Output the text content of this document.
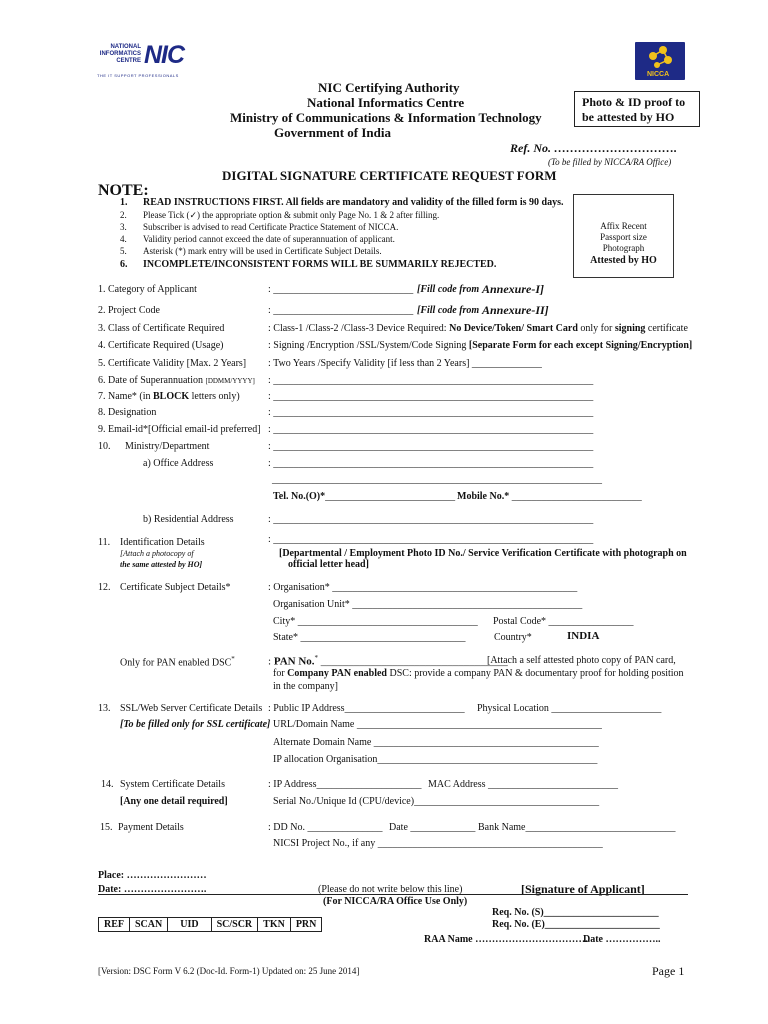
NATIONAL
INFORMATICS
CENTRE NIC
THE IT SUPPORT PROFESSIONALS	NICCA
NIC Certifying Authority
National Informatics Centre
Ministry of Communications & Information Technology
Government of India
Photo & ID proof to
be attested by HO
Ref. No. ………………………….
(To be filled by NICCA/RA Office)
DIGITAL SIGNATURE CERTIFICATE REQUEST FORM
NOTE:
1. READ INSTRUCTIONS FIRST. All fields are mandatory and validity of the filled form is 90 days.
2. Please Tick (✓) the appropriate option & submit only Page No. 1 & 2 after filling.
3. Subscriber is advised to read Certificate Practice Statement of NICCA.
4. Validity period cannot exceed the date of superannuation of applicant.
5. Asterisk (*) mark entry will be used in Certificate Subject Details.
6. INCOMPLETE/INCONSISTENT FORMS WILL BE SUMMARILY REJECTED.
Affix Recent
Passport size
Photograph
Attested by HO
1. Category of Applicant	: ____________________________ [Fill code from Annexure-I]
2. Project Code	: ____________________________ [Fill code from Annexure-II]
3. Class of Certificate Required	: Class-1 /Class-2 /Class-3 Device Required: No Device/Token/ Smart Card only for signing certificate
4. Certificate Required (Usage)	: Signing /Encryption /SSL/System/Code Signing [Separate Form for each except Signing/Encryption]
5. Certificate Validity [Max. 2 Years] : Two Years /Specify Validity [if less than 2 Years] ______________
6. Date of Superannuation [DDMM/YYYY] : ________________________________________________________________
7. Name* (in BLOCK letters only)	: ________________________________________________________________
8. Designation	: ________________________________________________________________
9. Email-id*[Official email-id preferred] : ________________________________________________________________
10. Ministry/Department	: ________________________________________________________________
a) Office Address	: ________________________________________________________________
__________________________________________________________________
Tel. No.(O)*__________________________ Mobile No.* __________________________
b) Residential Address	: ________________________________________________________________
11. Identification Details
[Attach a photocopy of
the same attested by HO]
: ________________________________________________________________
[Departmental / Employment Photo ID No./ Service Verification Certificate with photograph on
official letter head]
12. Certificate Subject Details*	: Organisation* _________________________________________________
Organisation Unit* ______________________________________________
City* ____________________________________ Postal Code* _________________
State* _________________________________	Country*	INDIA
Only for PAN enabled DSC*	: PAN No.* __________________________________
[Attach a self attested photo copy of PAN card,
for Company PAN enabled DSC: provide a company PAN & documentary proof for holding position
in the company]
13. SSL/Web Server Certificate Details
[To be filled only for SSL certificate]
: Public IP Address________________________ Physical Location ______________________
URL/Domain Name _________________________________________________
Alternate Domain Name _____________________________________________
IP allocation Organisation____________________________________________
14. System Certificate Details
[Any one detail required]
: IP Address_____________________ MAC Address __________________________
Serial No./Unique Id (CPU/device)_____________________________________
15. Payment Details	: DD No. _______________ Date _____________ Bank Name______________________________
NICSI Project No., if any _____________________________________________
Place: ……………………
Date: …………………….	(Please do not write below this line)	[Signature of Applicant]
(For NICCA/RA Office Use Only)
REF	SCAN	UID	SC/SCR	TKN	PRN
Req. No. (S)_______________________
Req. No. (E)_______________________
RAA Name ……………………………..
Date ……………..
[Version: DSC Form V 6.2 (Doc-Id. Form-1) Updated on: 25 June 2014]	Page 1
